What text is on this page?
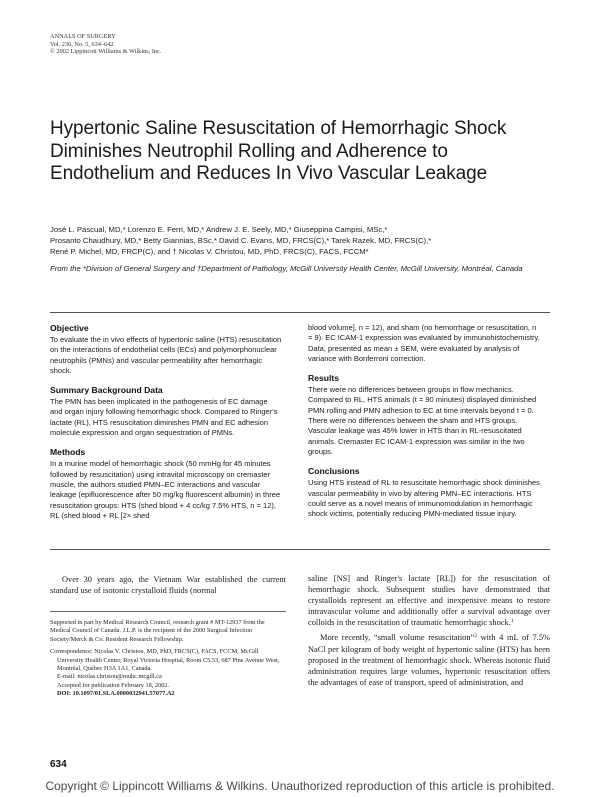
ANNALS OF SURGERY
Vol. 236, No. 5, 634–642
© 2002 Lippincott Williams & Wilkins, Inc.
Hypertonic Saline Resuscitation of Hemorrhagic Shock Diminishes Neutrophil Rolling and Adherence to Endothelium and Reduces In Vivo Vascular Leakage
José L. Pascual, MD,* Lorenzo E. Ferri, MD,* Andrew J. E. Seely, MD,* Giuseppina Campisi, MSc,*
Prosanto Chaudhury, MD,* Betty Giannias, BSc,* David C. Evans, MD, FRCS(C),* Tarek Razek, MD, FRCS(C),*
René P. Michel, MD, FRCP(C), and † Nicolas V. Christou, MD, PhD, FRCS(C), FACS, FCCM*
From the *Division of General Surgery and †Department of Pathology, McGill University Health Center, McGill University, Montréal, Canada
Objective

To evaluate the in vivo effects of hypertonic saline (HTS) resuscitation on the interactions of endothelial cells (ECs) and polymorphonuclear neutrophils (PMNs) and vascular permeability after hemorrhagic shock.

Summary Background Data

The PMN has been implicated in the pathogenesis of EC damage and organ injury following hemorrhagic shock. Compared to Ringer's lactate (RL), HTS resuscitation diminishes PMN and EC adhesion molecule expression and organ sequestration of PMNs.

Methods

In a murine model of hemorrhagic shock (50 mmHg for 45 minutes followed by resuscitation) using intravital microscopy on cremaster muscle, the authors studied PMN–EC interactions and vascular leakage (epifluorescence after 50 mg/kg fluorescent albumin) in three resuscitation groups: HTS (shed blood + 4 cc/kg 7.5% HTS, n = 12), RL (shed blood + RL [2× shed

blood volume], n = 12), and sham (no hemorrhage or resuscitation, n = 9). EC ICAM-1 expression was evaluated by immunohistochemistry. Data, presented as mean ± SEM, were evaluated by analysis of variance with Bonferroni correction.

Results

There were no differences between groups in flow mechanics. Compared to RL, HTS animals (t = 90 minutes) displayed diminished PMN rolling and PMN adhesion to EC at time intervals beyond t = 0. There were no differences between the sham and HTS groups. Vascular leakage was 45% lower in HTS than in RL-resuscitated animals. Cremaster EC ICAM-1 expression was similar in the two groups.

Conclusions

Using HTS instead of RL to resuscitate hemorrhagic shock diminishes vascular permeability in vivo by altering PMN–EC interactions. HTS could serve as a novel means of immunomodulation in hemorrhagic shock victims, potentially reducing PMN-mediated tissue injury.

Over 30 years ago, the Vietnam War established the current standard use of isotonic crystalloid fluids (normal

Supported in part by Medical Research Council, research grant # MT-12937 from the Medical Council of Canada. J.L.P. is the recipient of the 2000 Surgical Infection Society/Merck & Co. Resident Research Fellowship.

Correspondence: Nicolas V. Christou, MD, PhD, FRCS(C), FACS, FCCM, McGill University Health Center, Royal Victoria Hospital, Room C5.53, 687 Pine Avenue West, Montréal, Québec H3A 1A1, Canada.
E-mail: nicolas.christou@muhc.mcgill.ca
Accepted for publication February 18, 2002.
DOI: 10.1097/01.SLA.0000032941.57077.A2

saline [NS] and Ringer's lactate [RL]) for the resuscitation of hemorrhagic shock. Subsequent studies have demonstrated that crystalloids represent an effective and inexpensive means to restore intravascular volume and additionally offer a survival advantage over colloids in the resuscitation of traumatic hemorrhagic shock.$^1$

More recently, “small volume resuscitation”$^2$ with 4 mL of 7.5% NaCl per kilogram of body weight of hypertonic saline (HTS) has been proposed in the treatment of hemorrhagic shock. Whereas isotonic fluid administration requires large volumes, hypertonic resuscitation offers the advantages of ease of transport, speed of administration, and

634
Copyright © Lippincott Williams & Wilkins. Unauthorized reproduction of this article is prohibited.
